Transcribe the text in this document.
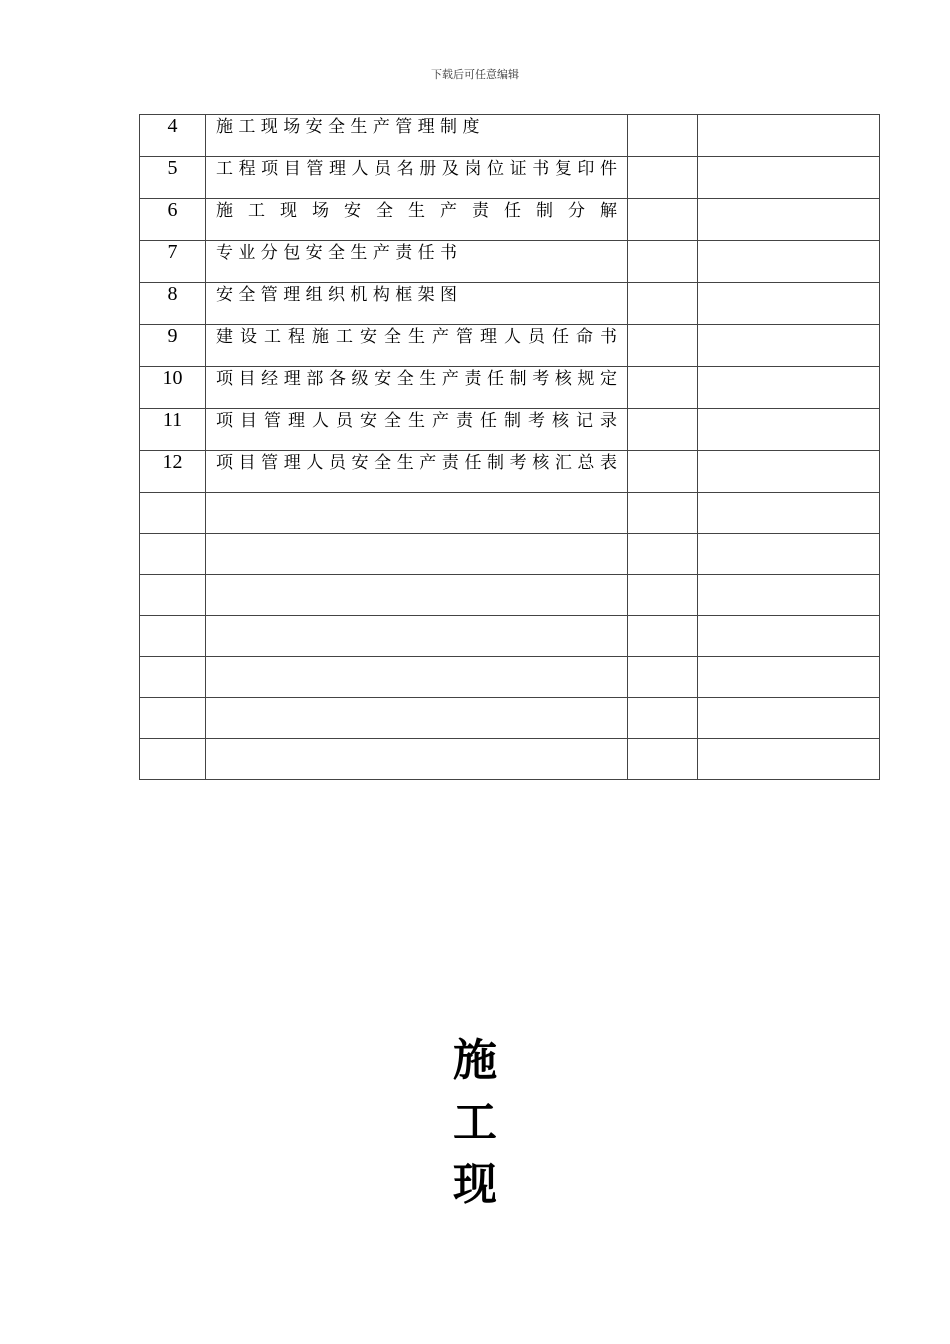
下载后可任意编辑
4	施 工 现 场 安 全 生 产 管 理 制 度		

5	工 程 项 目 管 理 人 员 名 册 及 岗 位 证 书 复 印 件		

6	施 工 现 场 安 全 生 产 责 任 制 分 解		

7	专 业 分 包 安 全 生 产 责 任 书		

8	安 全 管 理 组 织 机 构 框 架 图		

9	建 设 工 程 施 工 安 全 生 产 管 理 人 员 任 命 书		

10	项 目 经 理 部 各 级 安 全 生 产 责 任 制 考 核 规 定		

11	项 目 管 理 人 员 安 全 生 产 责 任 制 考 核 记 录		

12	项 目 管 理 人 员 安 全 生 产 责 任 制 考 核 汇 总 表		

施
工
现
